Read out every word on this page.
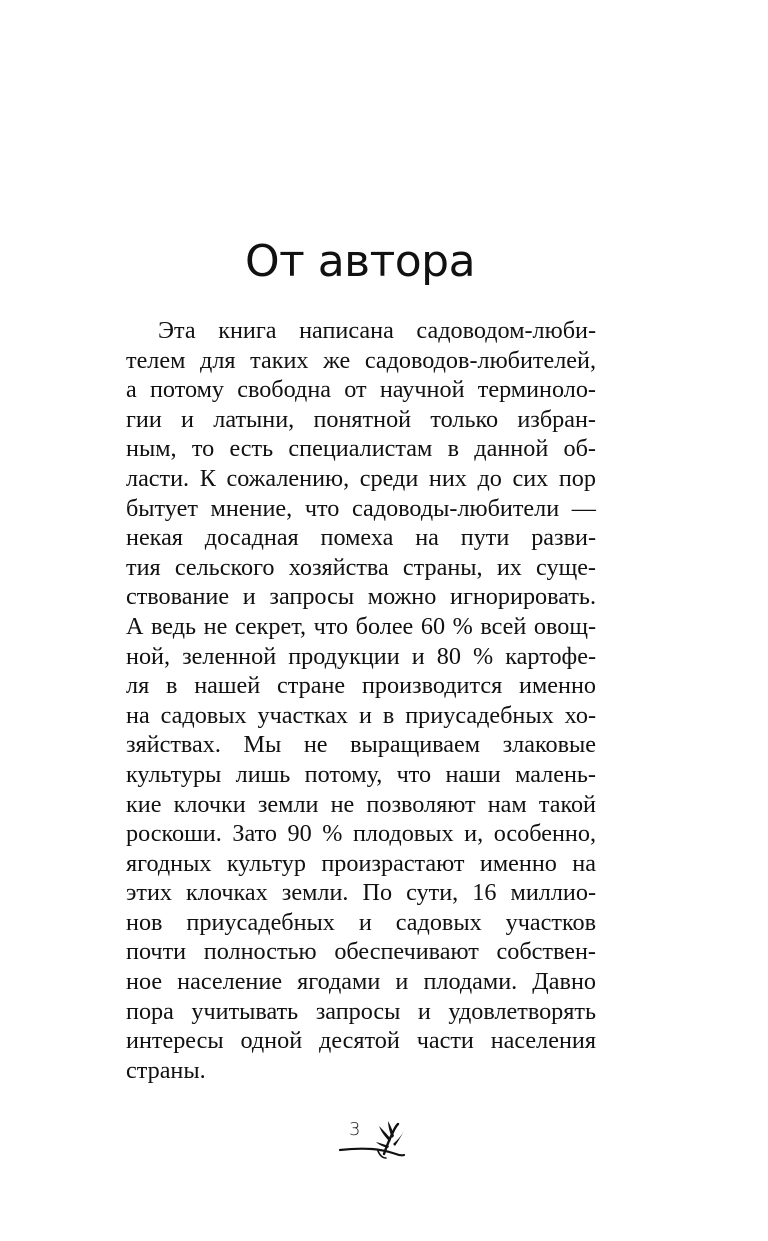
От автора
Эта книга написана садоводом-люби-
телем для таких же садоводов-любителей,
а потому свободна от научной терминоло-
гии и латыни, понятной только избран-
ным, то есть специалистам в данной об-
ласти. К сожалению, среди них до сих пор
бытует мнение, что садоводы-любители —
некая досадная помеха на пути разви-
тия сельского хозяйства страны, их суще-
ствование и запросы можно игнорировать.
А ведь не секрет, что более 60 % всей овощ-
ной, зеленной продукции и 80 % картофе-
ля в нашей стране производится именно
на садовых участках и в приусадебных хо-
зяйствах. Мы не выращиваем злаковые
культуры лишь потому, что наши малень-
кие клочки земли не позволяют нам такой
роскоши. Зато 90 % плодовых и, особенно,
ягодных культур произрастают именно на
этих клочках земли. По сути, 16 миллио-
нов приусадебных и садовых участков
почти полностью обеспечивают собствен-
ное население ягодами и плодами. Давно
пора учитывать запросы и удовлетворять
интересы одной десятой части населения
страны.
3
